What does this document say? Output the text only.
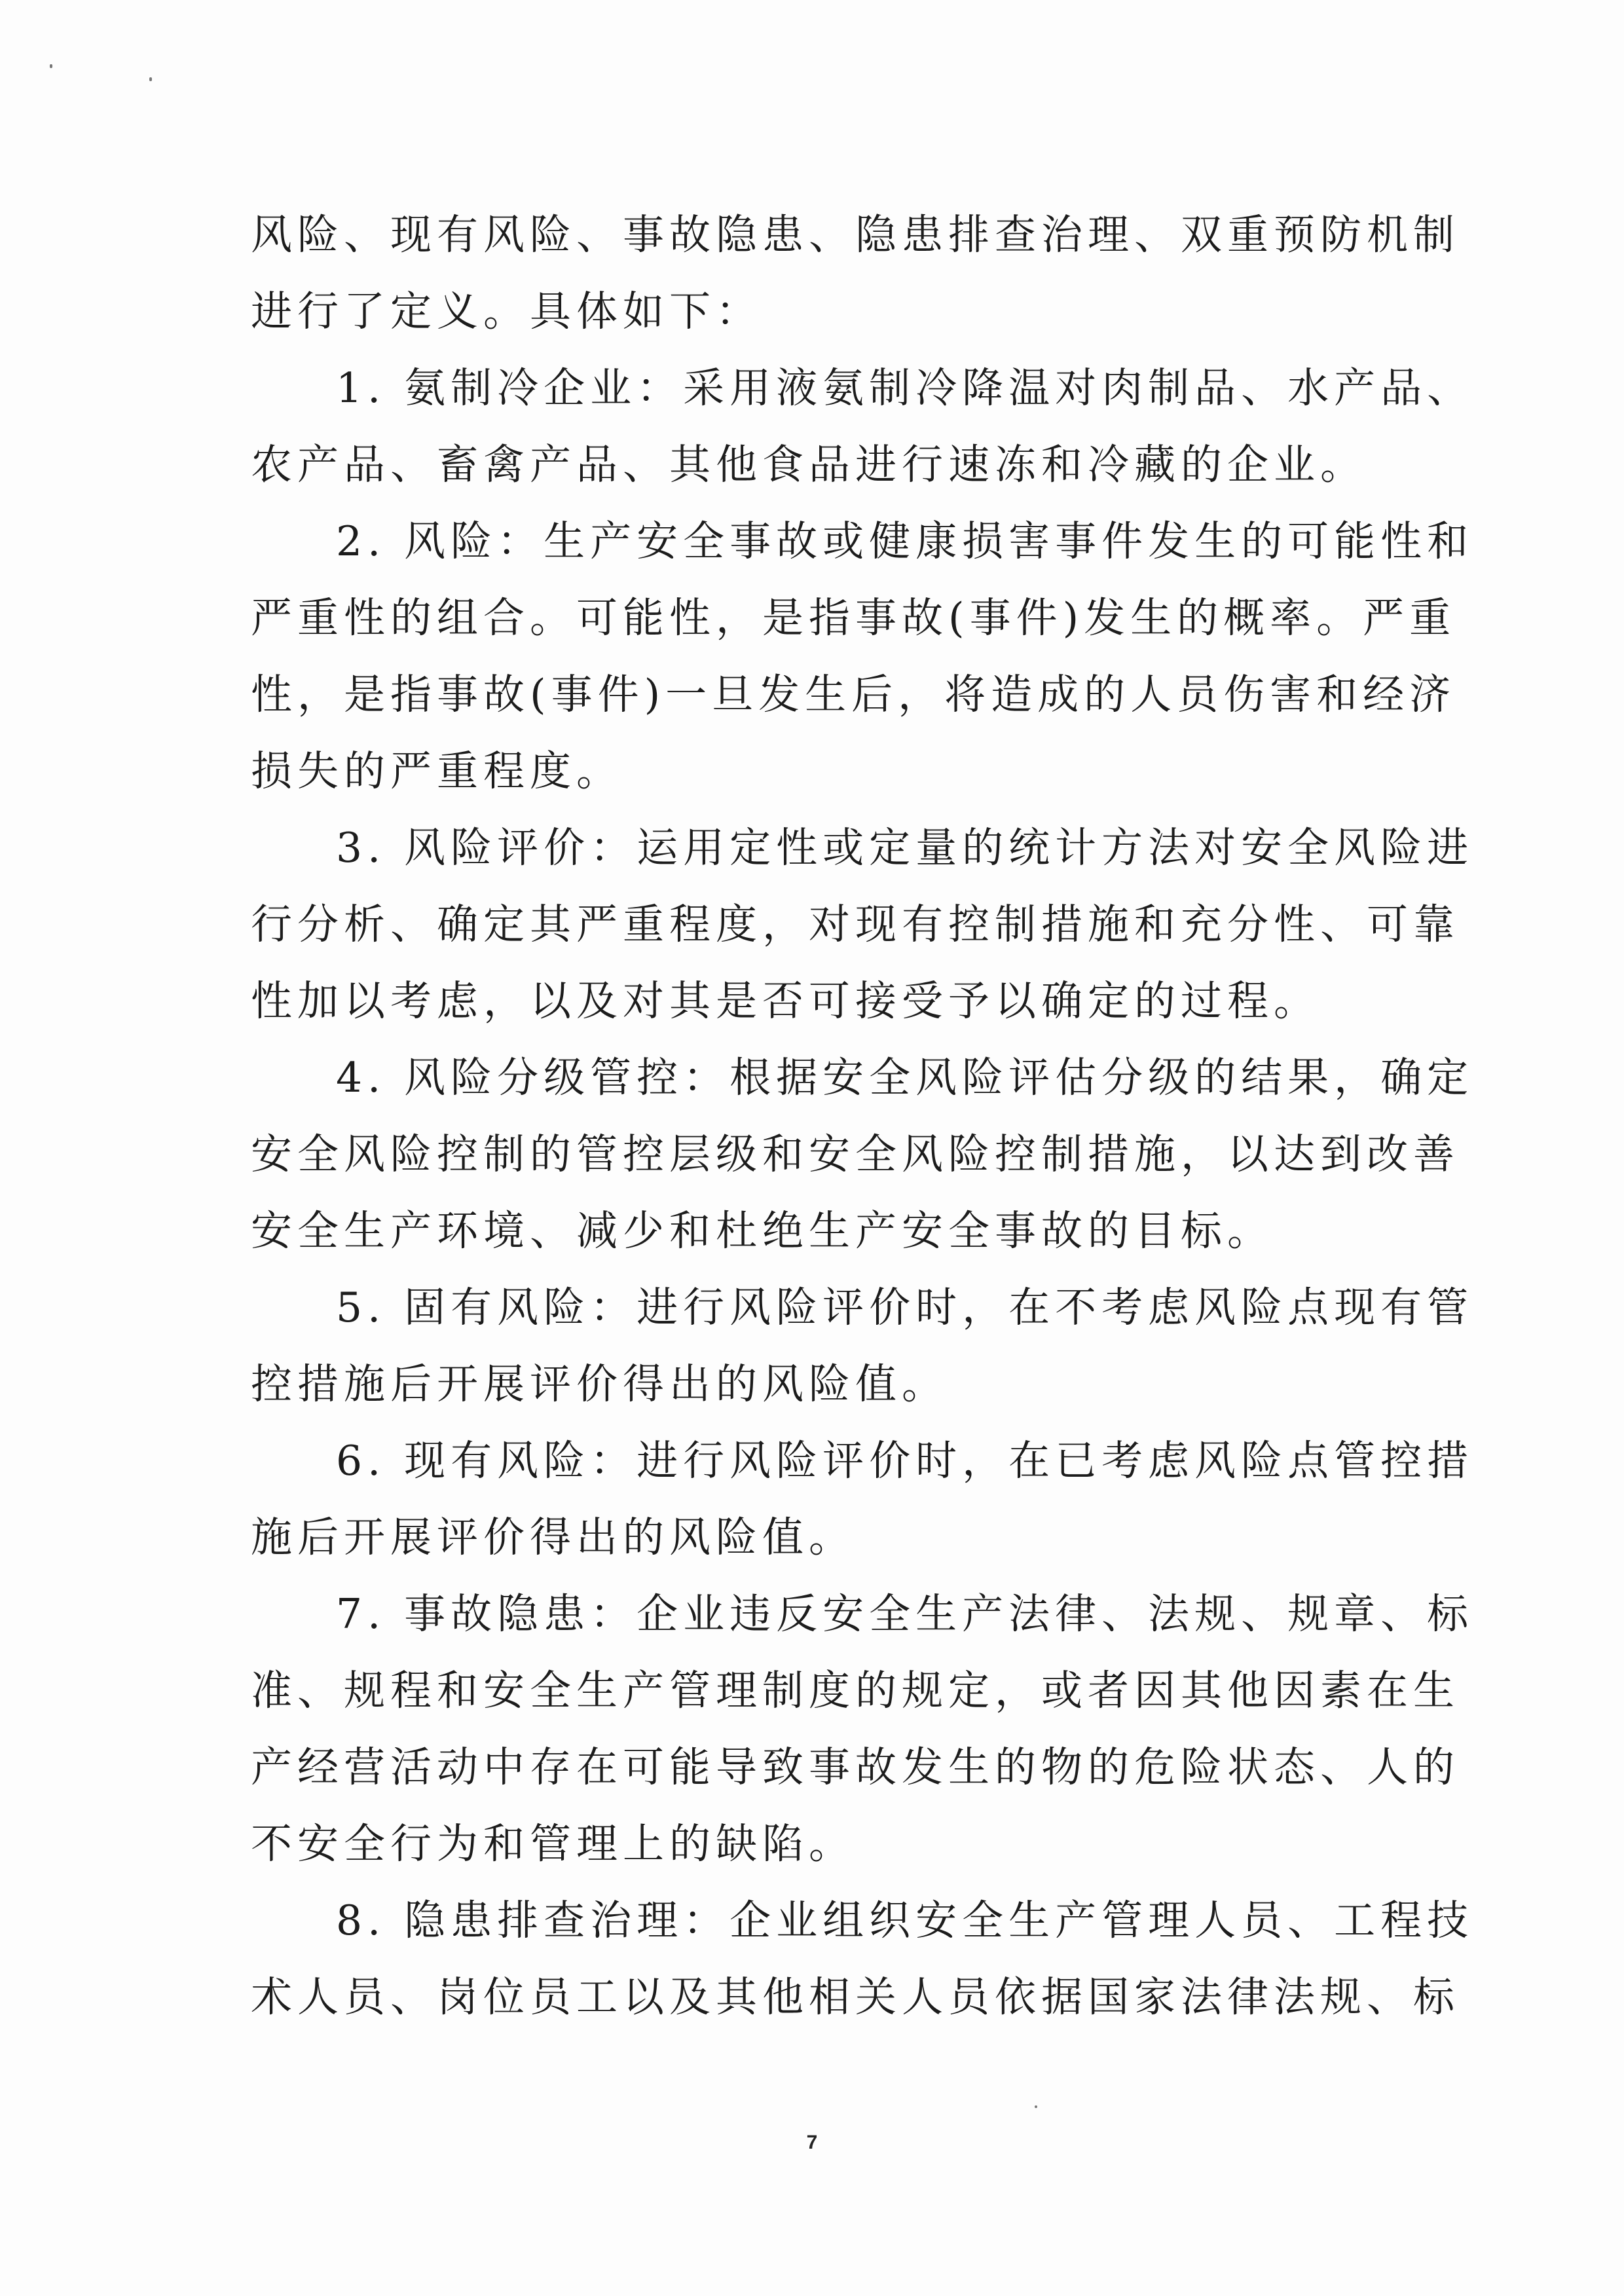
风险、现有风险、事故隐患、隐患排查治理、双重预防机制
进行了定义。具体如下：
1. 氨制冷企业：采用液氨制冷降温对肉制品、水产品、
农产品、畜禽产品、其他食品进行速冻和冷藏的企业。
2. 风险：生产安全事故或健康损害事件发生的可能性和
严重性的组合。可能性，是指事故(事件)发生的概率。严重
性，是指事故(事件)一旦发生后，将造成的人员伤害和经济
损失的严重程度。
3. 风险评价：运用定性或定量的统计方法对安全风险进
行分析、确定其严重程度，对现有控制措施和充分性、可靠
性加以考虑，以及对其是否可接受予以确定的过程。
4. 风险分级管控：根据安全风险评估分级的结果，确定
安全风险控制的管控层级和安全风险控制措施，以达到改善
安全生产环境、减少和杜绝生产安全事故的目标。
5. 固有风险：进行风险评价时，在不考虑风险点现有管
控措施后开展评价得出的风险值。
6. 现有风险：进行风险评价时，在已考虑风险点管控措
施后开展评价得出的风险值。
7. 事故隐患：企业违反安全生产法律、法规、规章、标
准、规程和安全生产管理制度的规定，或者因其他因素在生
产经营活动中存在可能导致事故发生的物的危险状态、人的
不安全行为和管理上的缺陷。
8. 隐患排查治理：企业组织安全生产管理人员、工程技
术人员、岗位员工以及其他相关人员依据国家法律法规、标
7
